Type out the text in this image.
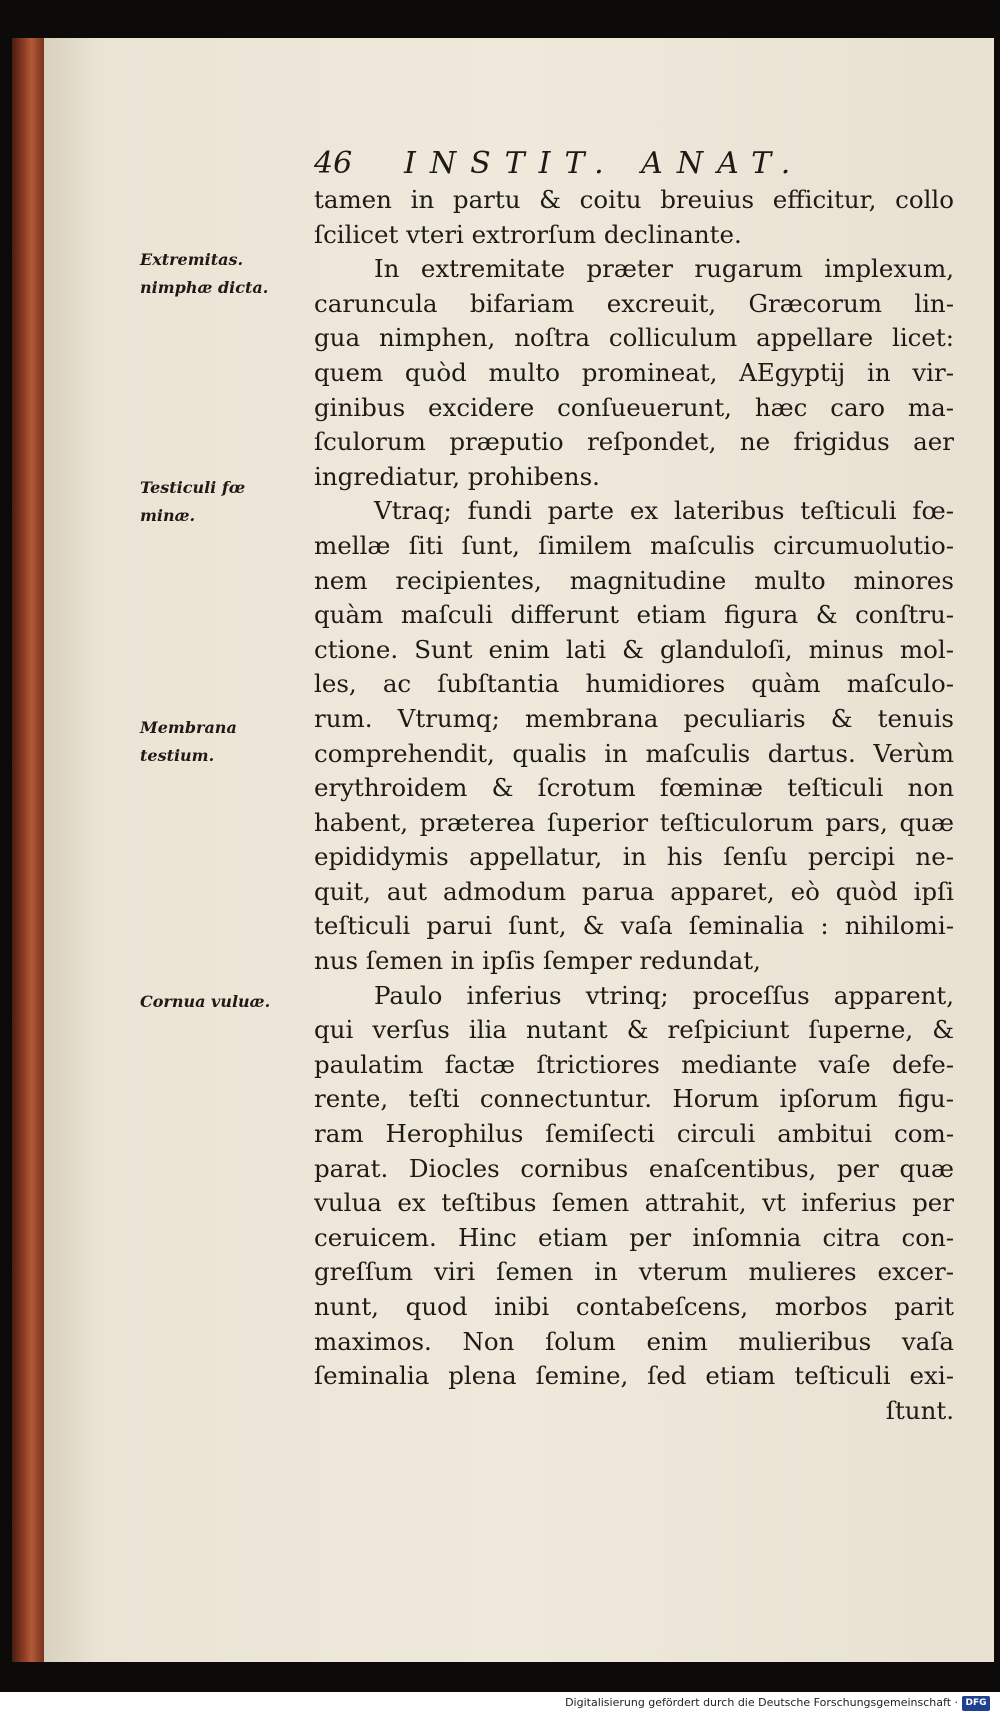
46 INSTIT. ANAT.
Extremitas.
nimphæ dicta.
Testiculi fœ
minæ.
Membrana
testium.
Cornua vuluæ.
tamen in partu & coitu breuius efficitur, collo
ſcilicet vteri extrorſum declinante.
In extremitate præter rugarum implexum,
caruncula bifariam excreuit, Græcorum lin-
gua nimphen, noſtra colliculum appellare licet:
quem quòd multo promineat, AEgyptij in vir-
ginibus excidere conſueuerunt, hæc caro ma-
ſculorum præputio reſpondet, ne frigidus aer
ingrediatur, prohibens.
Vtraq; fundi parte ex lateribus teſticuli fœ-
mellæ ſiti ſunt, ſimilem maſculis circumuolutio-
nem recipientes, magnitudine multo minores
quàm maſculi differunt etiam figura & conſtru-
ctione. Sunt enim lati & glanduloſi, minus mol-
les, ac ſubſtantia humidiores quàm maſculo-
rum. Vtrumq; membrana peculiaris & tenuis
comprehendit, qualis in maſculis dartus. Verùm
erythroidem & ſcrotum fœminæ teſticuli non
habent, præterea ſuperior teſticulorum pars, quæ
epididymis appellatur, in his ſenſu percipi ne-
quit, aut admodum parua apparet, eò quòd ipſi
teſticuli parui ſunt, & vaſa ſeminalia : nihilomi-
nus ſemen in ipſis ſemper redundat,
Paulo inferius vtrinq; proceſſus apparent,
qui verſus ilia nutant & reſpiciunt ſuperne, &
paulatim factæ ſtrictiores mediante vaſe defe-
rente, teſti connectuntur. Horum ipſorum figu-
ram Herophilus ſemiſecti circuli ambitui com-
parat. Diocles cornibus enaſcentibus, per quæ
vulua ex teſtibus ſemen attrahit, vt inferius per
ceruicem. Hinc etiam per inſomnia citra con-
greſſum viri ſemen in vterum mulieres excer-
nunt, quod inibi contabeſcens, morbos parit
maximos. Non ſolum enim mulieribus vaſa
ſeminalia plena ſemine, ſed etiam teſticuli exi-
ſtunt.
Digitalisierung gefördert durch die Deutsche Forschungsgemeinschaft · DFG
